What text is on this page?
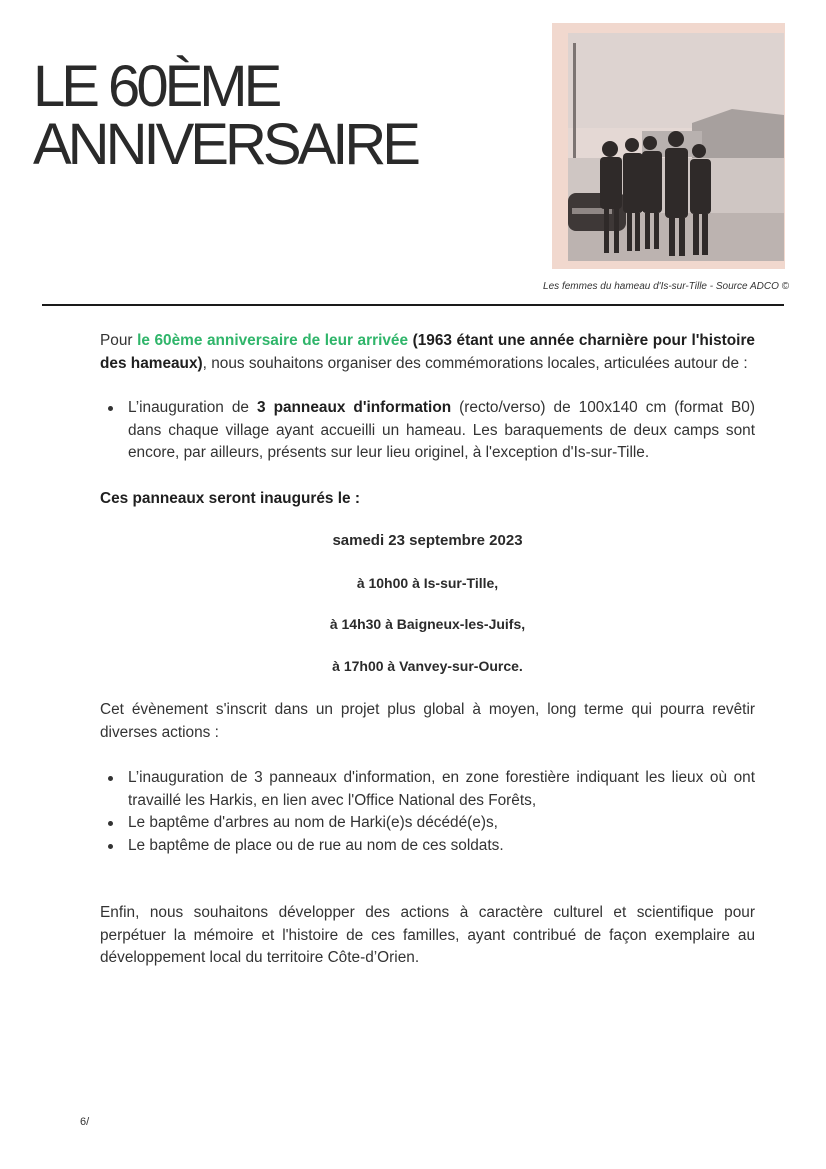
LE 60ÈME
ANNIVERSAIRE
Les femmes du hameau d'Is-sur-Tille - Source ADCO ©

Pour le 60ème anniversaire de leur arrivée (1963 étant une année charnière pour l'histoire des hameaux), nous souhaitons organiser des commémorations locales, articulées autour de :

L’inauguration de 3 panneaux d'information (recto/verso) de 100x140 cm (format B0) dans chaque village ayant accueilli un hameau. Les baraquements de deux camps sont encore, par ailleurs, présents sur leur lieu originel, à l'exception d'Is-sur-Tille.

Ces panneaux seront inaugurés le :

samedi 23 septembre 2023

à 10h00 à Is-sur-Tille,

à 14h30 à Baigneux-les-Juifs,

à 17h00 à Vanvey-sur-Ource.

Cet évènement s'inscrit dans un projet plus global à moyen, long terme qui pourra revêtir diverses actions :

L’inauguration de 3 panneaux d'information, en zone forestière indiquant les lieux où ont travaillé les Harkis, en lien avec l'Office National des Forêts,
Le baptême d'arbres au nom de Harki(e)s décédé(e)s,
Le baptême de place ou de rue au nom de ces soldats.

Enfin, nous souhaitons développer des actions à caractère culturel et scientifique pour perpétuer la mémoire et l'histoire de ces familles, ayant contribué de façon exemplaire au développement local du territoire Côte-d’Orien.

6/
